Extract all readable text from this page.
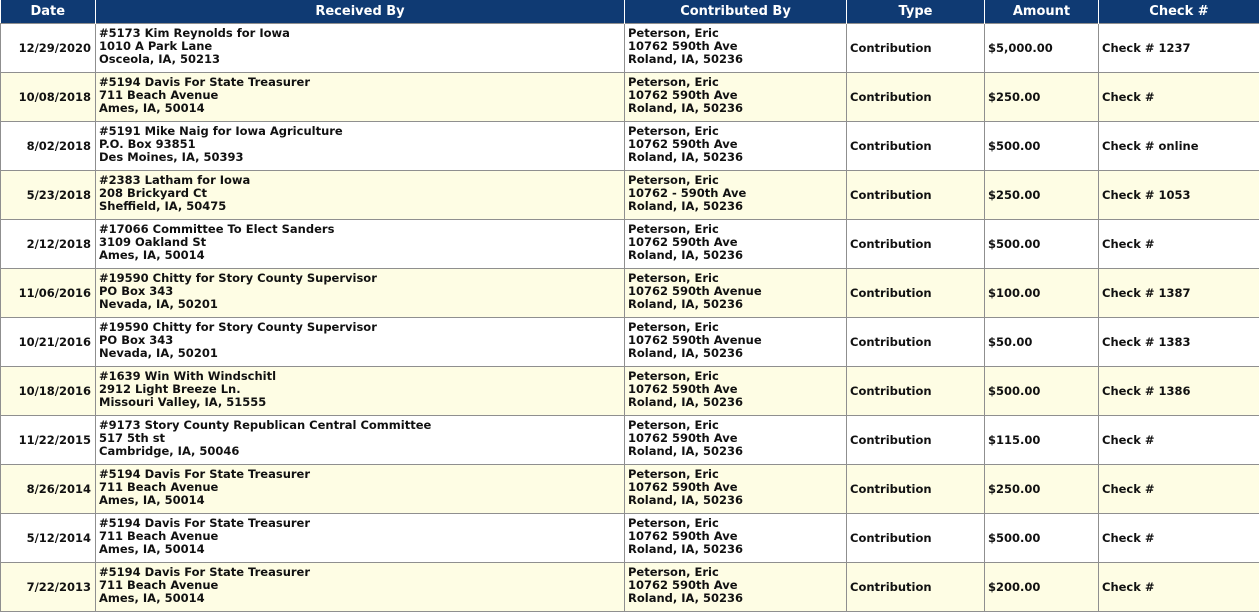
Date	Received By	Contributed By	Type	Amount	Check #
12/29/2020	#5173 Kim Reynolds for Iowa
1010 A Park Lane
Osceola, IA, 50213	Peterson, Eric
10762 590th Ave
Roland, IA, 50236	Contribution	$5,000.00	Check # 1237
10/08/2018	#5194 Davis For State Treasurer
711 Beach Avenue
Ames, IA, 50014	Peterson, Eric
10762 590th Ave
Roland, IA, 50236	Contribution	$250.00	Check #
8/02/2018	#5191 Mike Naig for Iowa Agriculture
P.O. Box 93851
Des Moines, IA, 50393	Peterson, Eric
10762 590th Ave
Roland, IA, 50236	Contribution	$500.00	Check # online
5/23/2018	#2383 Latham for Iowa
208 Brickyard Ct
Sheffield, IA, 50475	Peterson, Eric
10762 - 590th Ave
Roland, IA, 50236	Contribution	$250.00	Check # 1053
2/12/2018	#17066 Committee To Elect Sanders
3109 Oakland St
Ames, IA, 50014	Peterson, Eric
10762 590th Ave
Roland, IA, 50236	Contribution	$500.00	Check #
11/06/2016	#19590 Chitty for Story County Supervisor
PO Box 343
Nevada, IA, 50201	Peterson, Eric
10762 590th Avenue
Roland, IA, 50236	Contribution	$100.00	Check # 1387
10/21/2016	#19590 Chitty for Story County Supervisor
PO Box 343
Nevada, IA, 50201	Peterson, Eric
10762 590th Avenue
Roland, IA, 50236	Contribution	$50.00	Check # 1383
10/18/2016	#1639 Win With Windschitl
2912 Light Breeze Ln.
Missouri Valley, IA, 51555	Peterson, Eric
10762 590th Ave
Roland, IA, 50236	Contribution	$500.00	Check # 1386
11/22/2015	#9173 Story County Republican Central Committee
517 5th st
Cambridge, IA, 50046	Peterson, Eric
10762 590th Ave
Roland, IA, 50236	Contribution	$115.00	Check #
8/26/2014	#5194 Davis For State Treasurer
711 Beach Avenue
Ames, IA, 50014	Peterson, Eric
10762 590th Ave
Roland, IA, 50236	Contribution	$250.00	Check #
5/12/2014	#5194 Davis For State Treasurer
711 Beach Avenue
Ames, IA, 50014	Peterson, Eric
10762 590th Ave
Roland, IA, 50236	Contribution	$500.00	Check #
7/22/2013	#5194 Davis For State Treasurer
711 Beach Avenue
Ames, IA, 50014	Peterson, Eric
10762 590th Ave
Roland, IA, 50236	Contribution	$200.00	Check #
